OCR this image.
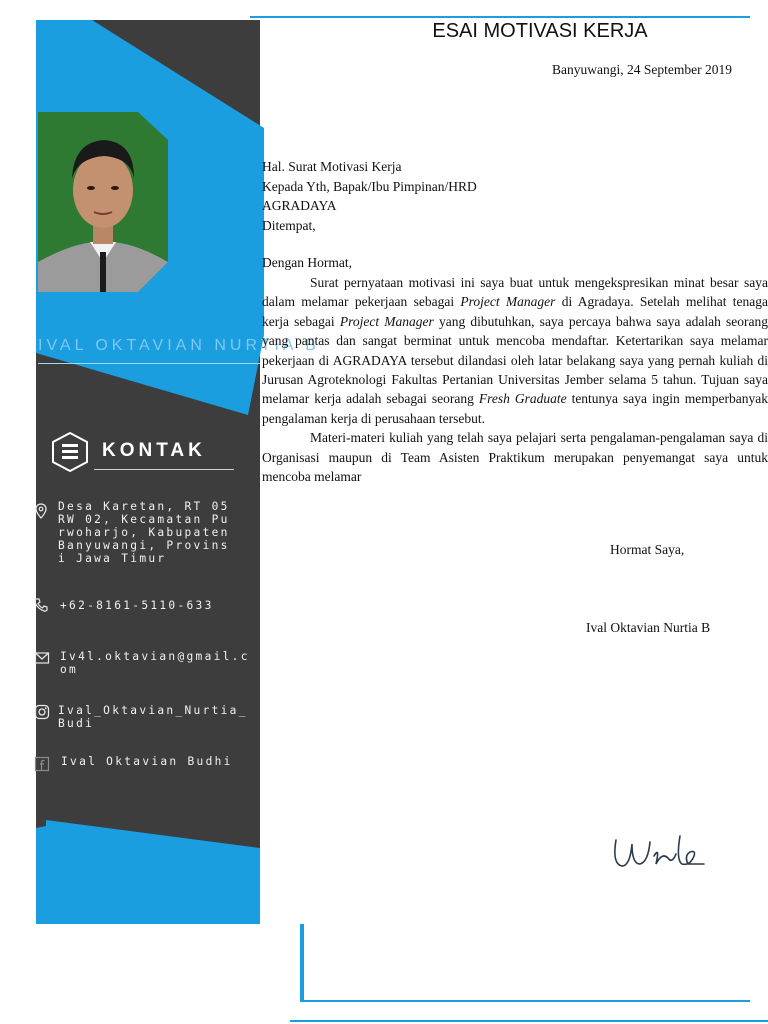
IVAL OKTAVIAN NURTIA B
KONTAK
Desa Karetan, RT 05 RW 02, Kecamatan Purwoharjo, Kabupaten Banyuwangi, Provinsi Jawa Timur
+62-8161-5110-633
Iv4l.oktavian@gmail.com
Ival_Oktavian_Nurtia_Budi
Ival Oktavian Budhi
ESAI MOTIVASI KERJA
Banyuwangi, 24 September 2019
Hal. Surat Motivasi Kerja
Kepada Yth, Bapak/Ibu Pimpinan/HRD
AGRADAYA
Ditempat,
Dengan Hormat,

Surat pernyataan motivasi ini saya buat untuk mengekspresikan minat besar saya dalam melamar pekerjaan sebagai Project Manager di Agradaya. Setelah melihat tenaga kerja sebagai Project Manager yang dibutuhkan, saya percaya bahwa saya adalah seorang yang pantas dan sangat berminat untuk mencoba mendaftar. Ketertarikan saya melamar pekerjaan di AGRADAYA tersebut dilandasi oleh latar belakang saya yang pernah kuliah di Jurusan Agroteknologi Fakultas Pertanian Universitas Jember selama 5 tahun. Tujuan saya melamar kerja adalah sebagai seorang Fresh Graduate tentunya saya ingin memperbanyak pengalaman kerja di perusahaan tersebut.

Materi-materi kuliah yang telah saya pelajari serta pengalaman-pengalaman saya di Organisasi maupun di Team Asisten Praktikum merupakan penyemangat saya untuk mencoba melamar

Hormat Saya,
Ival Oktavian Nurtia B
